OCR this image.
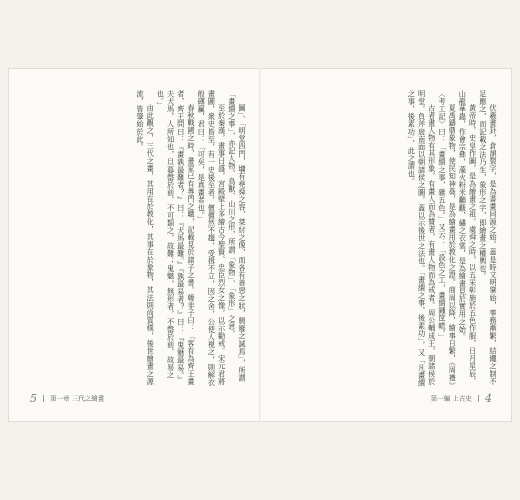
圖」、「明堂四門，墉有堯舜之容，桀紂之像，而各有善惡之狀，興廢之誡焉」，所謂「畫繢之事」，亦記人物、鳥獸、山川之形，所謂「象物」、「象形」之意。

至於秦漢，畫事日盛，宮殿壁上多繪古今聖賢、忠臣烈女之像，以示勸戒。宋元君將畫圖，衆史皆至，有一史後至者，儃儃然不趨，受揖不立，因之舍，公使人視之，則解衣般礡臝，君曰：「可矣，是真畫者也。」

春秋戰國之時，畫家已有專門之職，記載見於諸子之書。韓非子曰：「客有為齊王畫者，齊王問曰：『畫孰最難者？』曰：『犬馬最難。』『孰最易者？』曰：『鬼魅最易。』夫犬馬，人所知也，旦暮罄於前，不可類之，故難；鬼魅，無形者，不罄於前，故易之也。」

由此觀之，三代之畫，其用在於教化，其事在於象物，其法則尚質樸，後世繪畫之源流，皆肇始於此。

5 第一章 三代之繪畫

伏羲畫卦，倉頡製字，是為書畫同源之始。蓋是時文明肇始，事務漸繁，結繩之制不足應之，而記載之法乃生，象形之字，即繪畫之權輿也。

黃帝時，史皇作圖，是為繪畫之祖。虞舜之時，以五采彰施於五色作服，日月星辰、山龍華蟲，作會宗彝，藻火粉米黼黻，繡之衣裳，是為繪畫見於實用之始。

夏禹鑄鼎象物，使民知神姦，是為繪畫用於教化之證。商周以降，繪事日繁，《周禮》〈考工記〉曰：「畫繢之事，雜五色。」又云：「設色之工，畫繢鍾筐㡛。」

古者畫人物有其形象，有畫人而為贊者，有畫人物而為戒者。周公輔成王，朝諸侯於明堂，負斧扆南面以朝諸侯之圖，蓋以示後世之法也。「畫繢之事，後素功」，又「凡畫繢之事，後素功」，此之謂也。

第一編 上古史 4
